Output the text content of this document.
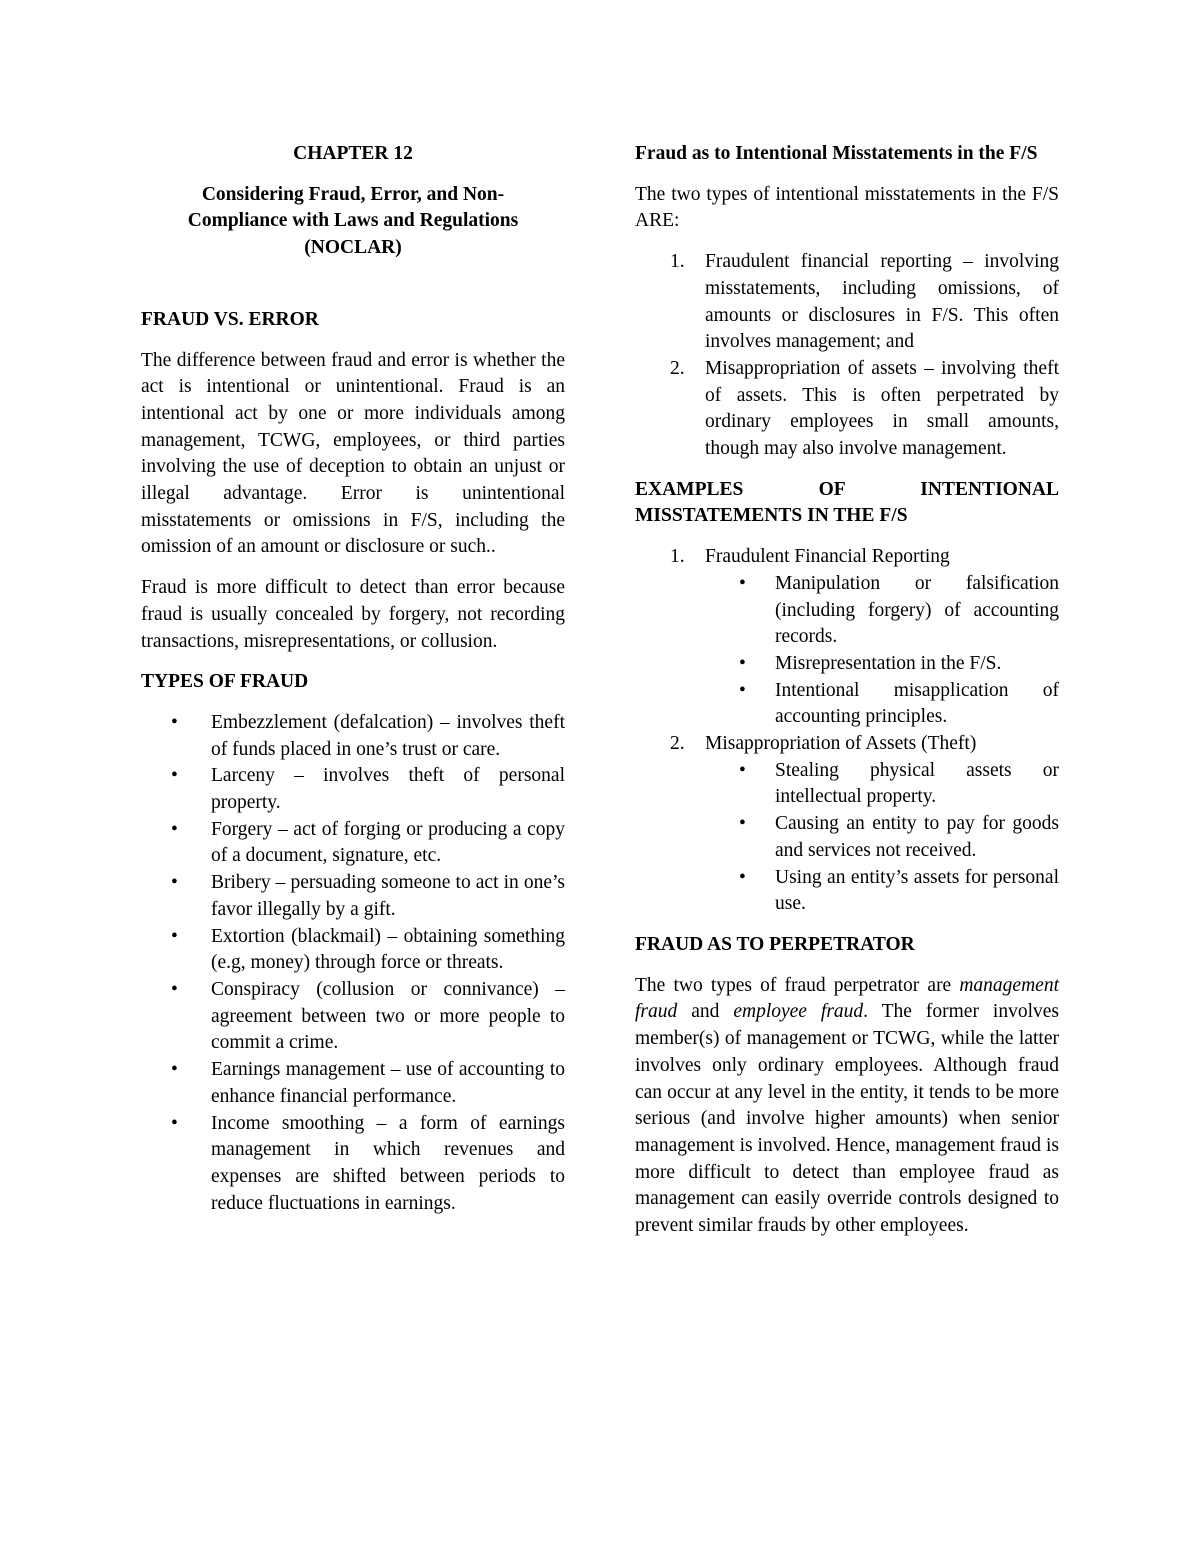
CHAPTER 12

Considering Fraud, Error, and Non-
Compliance with Laws and Regulations
(NOCLAR)

FRAUD VS. ERROR

The difference between fraud and error is whether the act is intentional or unintentional. Fraud is an intentional act by one or more individuals among management, TCWG, employees, or third parties involving the use of deception to obtain an unjust or illegal advantage. Error is unintentional misstatements or omissions in F/S, including the omission of an amount or disclosure or such..

Fraud is more difficult to detect than error because fraud is usually concealed by forgery, not recording transactions, misrepresentations, or collusion.

TYPES OF FRAUD

• Embezzlement (defalcation) – involves theft of funds placed in one’s trust or care.
• Larceny – involves theft of personal property.
• Forgery – act of forging or producing a copy of a document, signature, etc.
• Bribery – persuading someone to act in one’s favor illegally by a gift.
• Extortion (blackmail) – obtaining something (e.g, money) through force or threats.
• Conspiracy (collusion or connivance) – agreement between two or more people to commit a crime.
• Earnings management – use of accounting to enhance financial performance.
• Income smoothing – a form of earnings management in which revenues and expenses are shifted between periods to reduce fluctuations in earnings.

Fraud as to Intentional Misstatements in the F/S

The two types of intentional misstatements in the F/S ARE:

1. Fraudulent financial reporting – involving misstatements, including omissions, of amounts or disclosures in F/S. This often involves management; and
2. Misappropriation of assets – involving theft of assets. This is often perpetrated by ordinary employees in small amounts, though may also involve management.

EXAMPLES OF INTENTIONAL MISSTATEMENTS IN THE F/S

1. Fraudulent Financial Reporting
• Manipulation or falsification (including forgery) of accounting records.
• Misrepresentation in the F/S.
• Intentional misapplication of accounting principles.
2. Misappropriation of Assets (Theft)
• Stealing physical assets or intellectual property.
• Causing an entity to pay for goods and services not received.
• Using an entity’s assets for personal use.

FRAUD AS TO PERPETRATOR

The two types of fraud perpetrator are management fraud and employee fraud. The former involves member(s) of management or TCWG, while the latter involves only ordinary employees. Although fraud can occur at any level in the entity, it tends to be more serious (and involve higher amounts) when senior management is involved. Hence, management fraud is more difficult to detect than employee fraud as management can easily override controls designed to prevent similar frauds by other employees.
